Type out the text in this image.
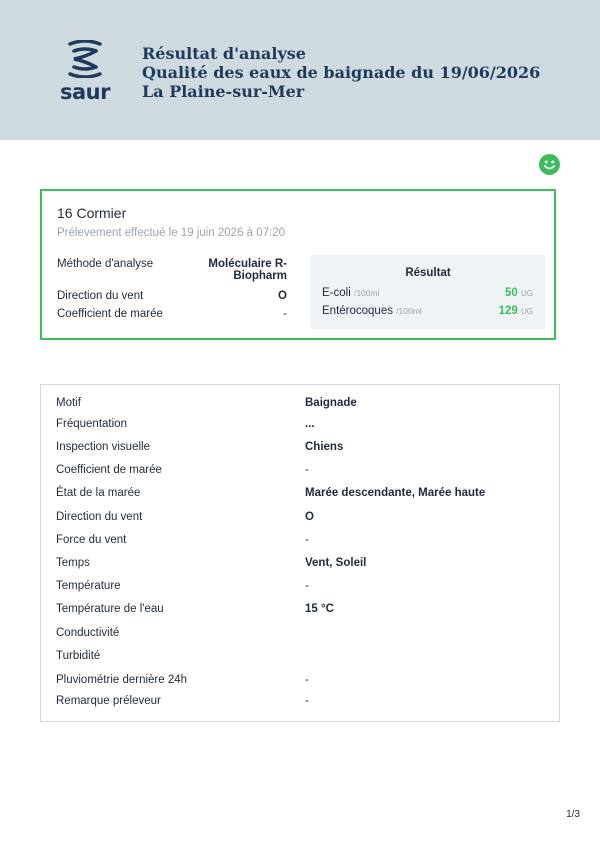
saur
Résultat d'analyse
Qualité des eaux de baignade du 19/06/2026
La Plaine-sur-Mer
16 Cormier
Prélevement effectué le 19 juin 2026 à 07:20
Méthode d'analyse	Moléculaire R-
Biopharm
Direction du vent	O
Coefficient de marée	-
Résultat
E-coli /100ml	50 UG
Entérocoques /100ml	129 UG
Motif	Baignade
Fréquentation	...
Inspection visuelle	Chiens
Coefficient de marée	-
État de la marée	Marée descendante, Marée haute
Direction du vent	O
Force du vent	-
Temps	Vent, Soleil
Température	-
Température de l'eau	15 °C
Conductivité
Turbidité
Pluviométrie dernière 24h	-
Remarque préleveur	-
1/3
